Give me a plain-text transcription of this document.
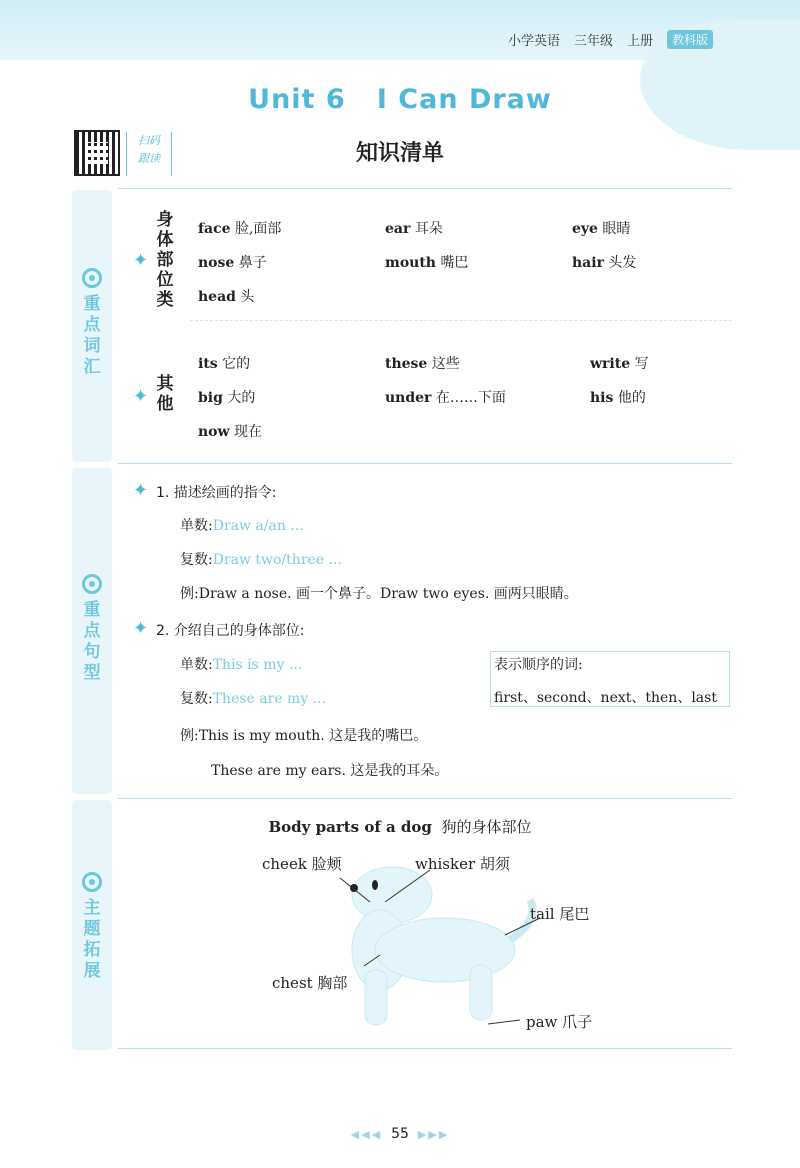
小学英语 三年级 上册	教科版
Unit 6   I Can Draw
扫码
跟读	知识清单
重点词汇
重点句型
主题拓展
✦
身体部位类
face 脸,面部	ear 耳朵	eye 眼睛
nose 鼻子	mouth 嘴巴	hair 头发
head 头
✦
其他
its 它的	these 这些	write 写
big 大的	under 在……下面	his 他的
now 现在
✦ 1. 描述绘画的指令:
单数:Draw a/an ...
复数:Draw two/three ...
例:Draw a nose. 画一个鼻子。Draw two eyes. 画两只眼睛。
✦ 2. 介绍自己的身体部位:
单数:This is my ...
复数:These are my ...
表示顺序的词:
first、second、next、then、last
例:This is my mouth. 这是我的嘴巴。
These are my ears. 这是我的耳朵。
Body parts of a dog 狗的身体部位
cheek 脸颊	whisker 胡须
tail 尾巴
chest 胸部
paw 爪子
◀◀◀ 55 ▶▶▶
